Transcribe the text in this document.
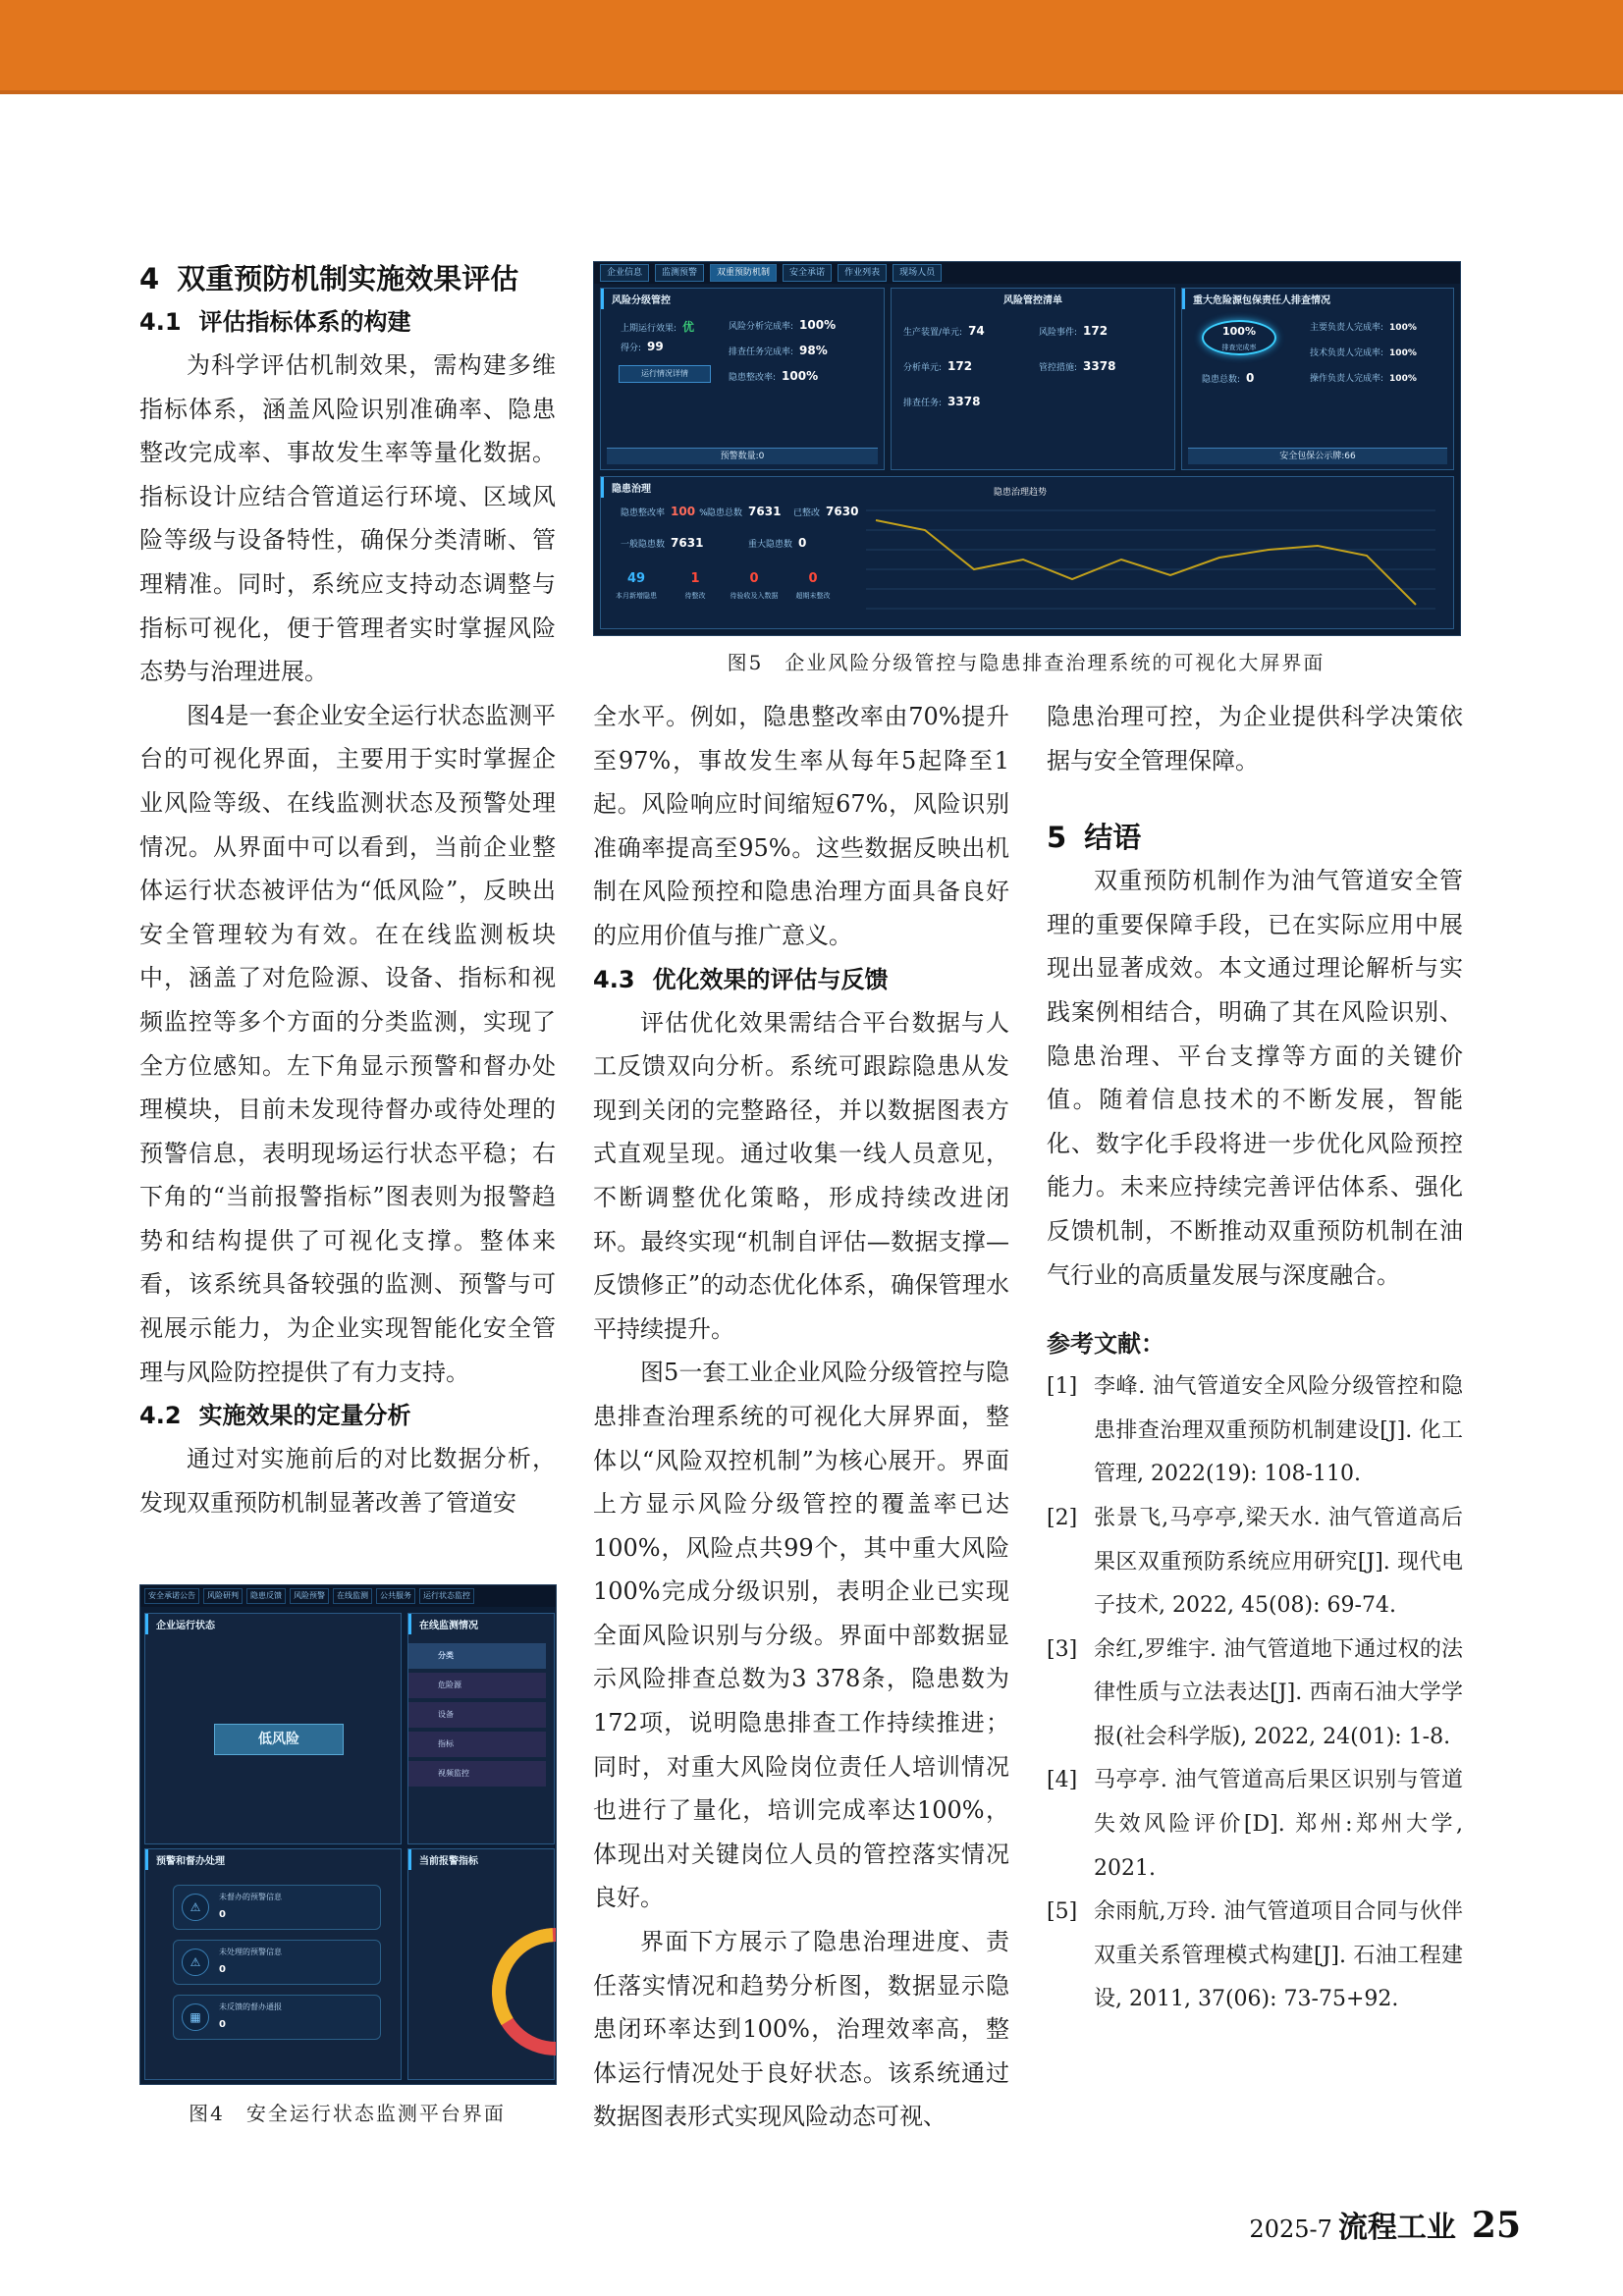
4 双重预防机制实施效果评估
4.1 评估指标体系的构建

为科学评估机制效果，需构建多维指标体系，涵盖风险识别准确率、隐患整改完成率、事故发生率等量化数据。指标设计应结合管道运行环境、区域风险等级与设备特性，确保分类清晰、管理精准。同时，系统应支持动态调整与指标可视化，便于管理者实时掌握风险态势与治理进展。

图4是一套企业安全运行状态监测平台的可视化界面，主要用于实时掌握企业风险等级、在线监测状态及预警处理情况。从界面中可以看到，当前企业整体运行状态被评估为“低风险”，反映出安全管理较为有效。在在线监测板块中，涵盖了对危险源、设备、指标和视频监控等多个方面的分类监测，实现了全方位感知。左下角显示预警和督办处理模块，目前未发现待督办或待处理的预警信息，表明现场运行状态平稳；右下角的“当前报警指标”图表则为报警趋势和结构提供了可视化支撑。整体来看，该系统具备较强的监测、预警与可视展示能力，为企业实现智能化安全管理与风险防控提供了有力支持。

4.2 实施效果的定量分析

通过对实施前后的对比数据分析，发现双重预防机制显著改善了管道安

企业信息	监测预警	双重预防机制	安全承诺	作业列表	现场人员
风险分级管控
上期运行效果: 优
得分: 99
运行情况详情
风险分析完成率: 100%
排查任务完成率: 98%
隐患整改率: 100%
预警数量:0
风险管控清单
生产装置/单元: 74	风险事件: 172
分析单元: 172	管控措施: 3378
排查任务: 3378
重大危险源包保责任人排查情况
100%
排查完成率
隐患总数: 0
主要负责人完成率: 100%
技术负责人完成率: 100%
操作负责人完成率: 100%
安全包保公示牌:66
隐患治理
隐患整改率 100 % 隐患总数 7631 已整改 7630
一般隐患数 7631	重大隐患数 0
49
本月新增隐患
1
待整改
0
待验收及入数据
0
超期未整改
隐患治理趋势
图5　企业风险分级管控与隐患排查治理系统的可视化大屏界面

全水平。例如，隐患整改率由70%提升至97%，事故发生率从每年5起降至1起。风险响应时间缩短67%，风险识别准确率提高至95%。这些数据反映出机制在风险预控和隐患治理方面具备良好的应用价值与推广意义。

4.3 优化效果的评估与反馈

评估优化效果需结合平台数据与人工反馈双向分析。系统可跟踪隐患从发现到关闭的完整路径，并以数据图表方式直观呈现。通过收集一线人员意见，不断调整优化策略，形成持续改进闭环。最终实现“机制自评估—数据支撑—反馈修正”的动态优化体系，确保管理水平持续提升。

图5一套工业企业风险分级管控与隐患排查治理系统的可视化大屏界面，整体以“风险双控机制”为核心展开。界面上方显示风险分级管控的覆盖率已达100%，风险点共99个，其中重大风险100%完成分级识别，表明企业已实现全面风险识别与分级。界面中部数据显示风险排查总数为3 378条，隐患数为172项，说明隐患排查工作持续推进；同时，对重大风险岗位责任人培训情况也进行了量化，培训完成率达100%，体现出对关键岗位人员的管控落实情况良好。

界面下方展示了隐患治理进度、责任落实情况和趋势分析图，数据显示隐患闭环率达到100%，治理效率高，整体运行情况处于良好状态。该系统通过数据图表形式实现风险动态可视、

隐患治理可控，为企业提供科学决策依据与安全管理保障。

5 结语

双重预防机制作为油气管道安全管理的重要保障手段，已在实际应用中展现出显著成效。本文通过理论解析与实践案例相结合，明确了其在风险识别、隐患治理、平台支撑等方面的关键价值。随着信息技术的不断发展，智能化、数字化手段将进一步优化风险预控能力。未来应持续完善评估体系、强化反馈机制，不断推动双重预防机制在油气行业的高质量发展与深度融合。

参考文献：
[1] 李峰. 油气管道安全风险分级管控和隐患排查治理双重预防机制建设[J]. 化工管理, 2022(19): 108-110.
[2] 张景飞,马亭亭,梁天水. 油气管道高后果区双重预防系统应用研究[J]. 现代电子技术, 2022, 45(08): 69-74.
[3] 余红,罗维宇. 油气管道地下通过权的法律性质与立法表达[J]. 西南石油大学学报(社会科学版), 2022, 24(01): 1-8.
[4] 马亭亭. 油气管道高后果区识别与管道失效风险评价[D]. 郑州:郑州大学, 2021.
[5] 余雨航,万玲. 油气管道项目合同与伙伴双重关系管理模式构建[J]. 石油工程建设, 2011, 37(06): 73-75+92.
安全承诺公告	风险研判	隐患反馈	风险预警	在线监测	公共服务	运行状态监控
企业运行状态
低风险
在线监测情况
分类
危险源
设备
指标
视频监控
预警和督办处理
⚠
未督办的预警信息
0
⚠
未处理的预警信息
0
▦
未反馈的督办通报
0
当前报警指标
图4　安全运行状态监测平台界面
2025-7 流程工业 25
